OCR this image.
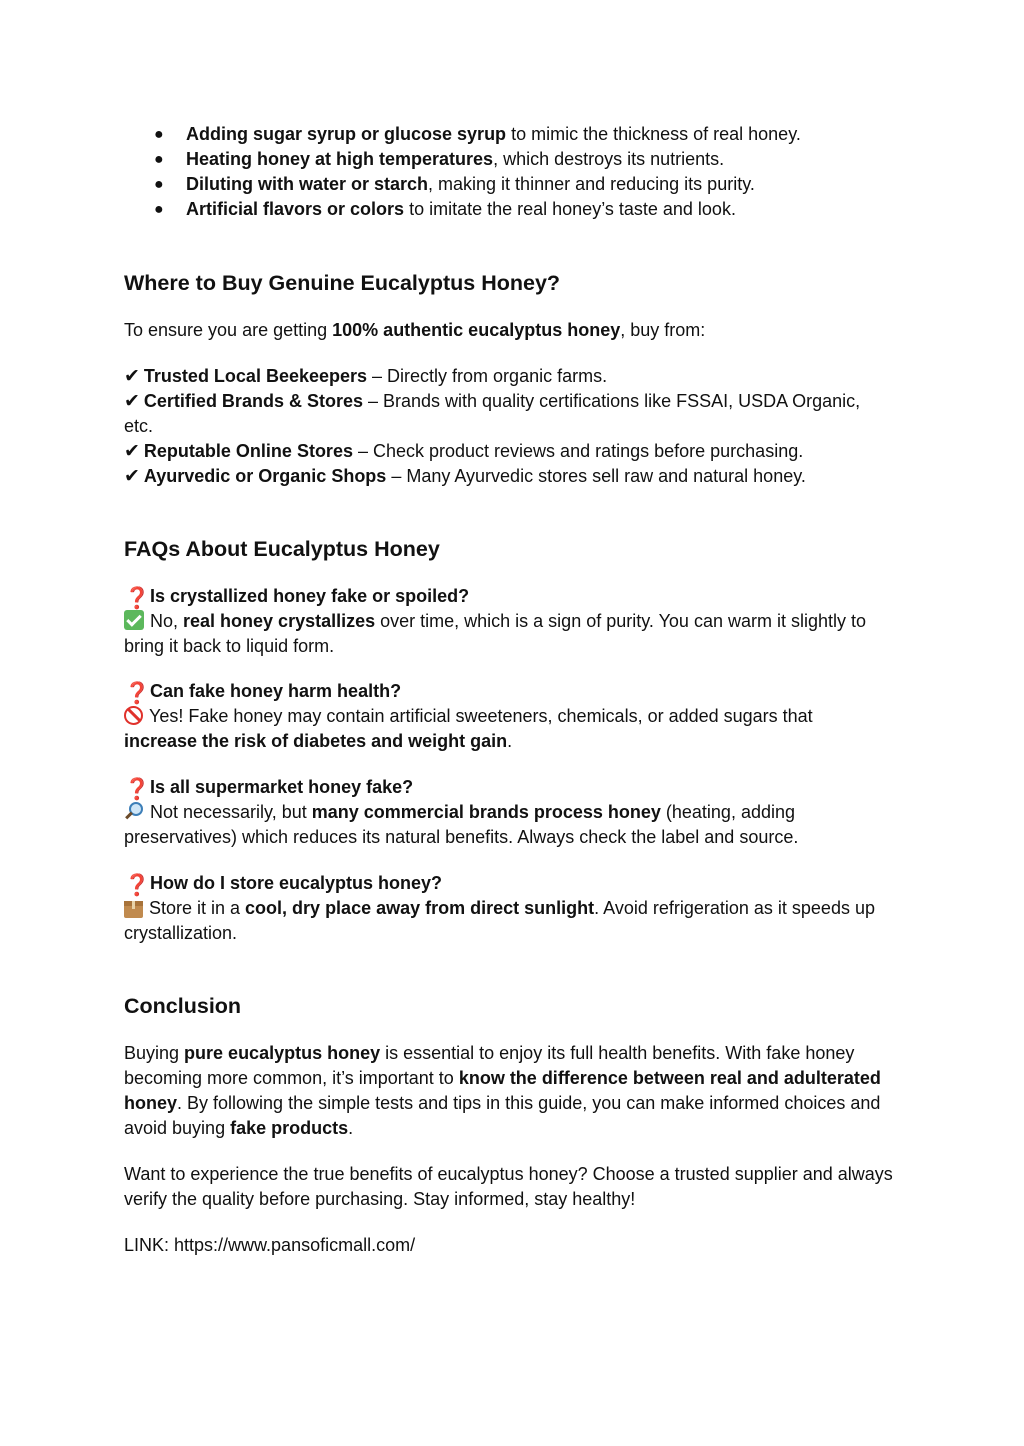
● Adding sugar syrup or glucose syrup to mimic the thickness of real honey.
● Heating honey at high temperatures, which destroys its nutrients.
● Diluting with water or starch, making it thinner and reducing its purity.
● Artificial flavors or colors to imitate the real honey’s taste and look.
Where to Buy Genuine Eucalyptus Honey?

To ensure you are getting 100% authentic eucalyptus honey, buy from:

✔ Trusted Local Beekeepers – Directly from organic farms.

✔ Certified Brands & Stores – Brands with quality certifications like FSSAI, USDA Organic, etc.

✔ Reputable Online Stores – Check product reviews and ratings before purchasing.

✔ Ayurvedic or Organic Shops – Many Ayurvedic stores sell raw and natural honey.

FAQs About Eucalyptus Honey

❓Is crystallized honey fake or spoiled?

No, real honey crystallizes over time, which is a sign of purity. You can warm it slightly to bring it back to liquid form.

❓Can fake honey harm health?

Yes! Fake honey may contain artificial sweeteners, chemicals, or added sugars that increase the risk of diabetes and weight gain.

❓Is all supermarket honey fake?

Not necessarily, but many commercial brands process honey (heating, adding preservatives) which reduces its natural benefits. Always check the label and source.

❓How do I store eucalyptus honey?

Store it in a cool, dry place away from direct sunlight. Avoid refrigeration as it speeds up crystallization.

Conclusion

Buying pure eucalyptus honey is essential to enjoy its full health benefits. With fake honey becoming more common, it’s important to know the difference between real and adulterated honey. By following the simple tests and tips in this guide, you can make informed choices and avoid buying fake products.

Want to experience the true benefits of eucalyptus honey? Choose a trusted supplier and always verify the quality before purchasing. Stay informed, stay healthy!

LINK: https://www.pansoficmall.com/
